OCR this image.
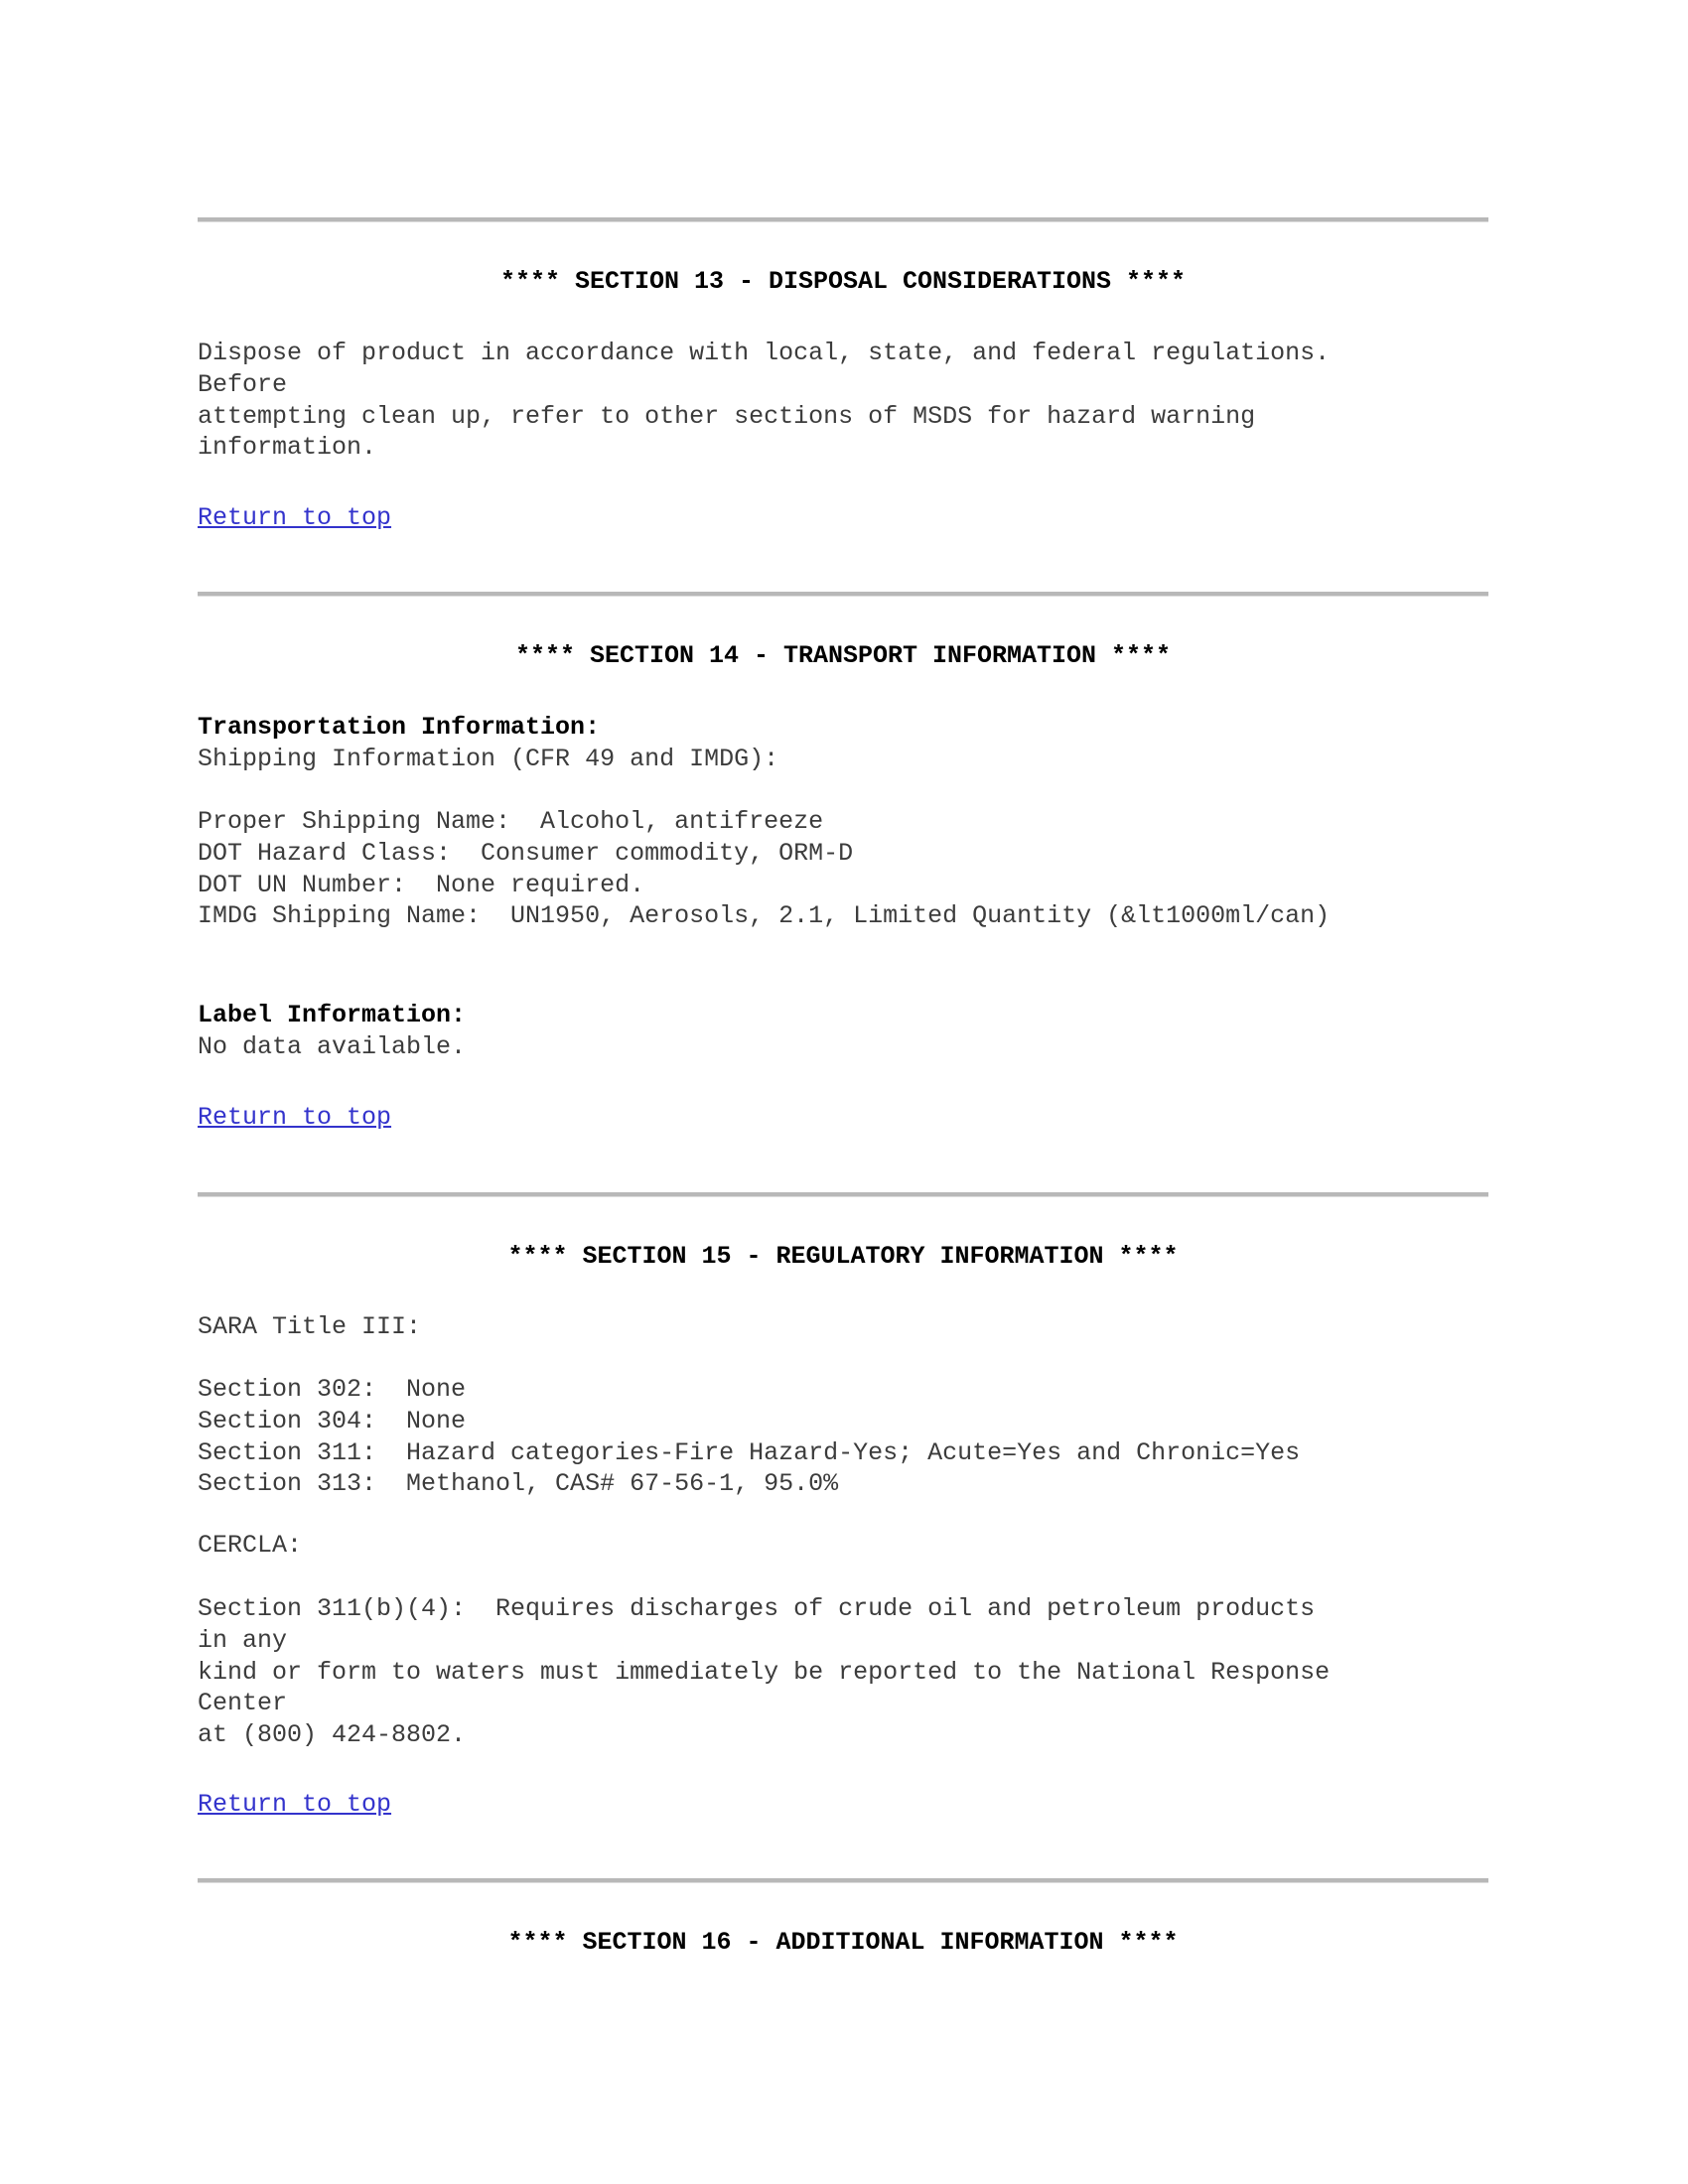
**** SECTION 13 - DISPOSAL CONSIDERATIONS ****
Dispose of product in accordance with local, state, and federal regulations.
Before
attempting clean up, refer to other sections of MSDS for hazard warning
information.
Return to top
**** SECTION 14 - TRANSPORT INFORMATION ****
Transportation Information:
Shipping Information (CFR 49 and IMDG):
Proper Shipping Name:  Alcohol, antifreeze
DOT Hazard Class:  Consumer commodity, ORM-D
DOT UN Number:  None required.
IMDG Shipping Name:  UN1950, Aerosols, 2.1, Limited Quantity (&lt1000ml/can)
Label Information:
No data available.
Return to top
**** SECTION 15 - REGULATORY INFORMATION ****
SARA Title III:
Section 302:  None
Section 304:  None
Section 311:  Hazard categories-Fire Hazard-Yes; Acute=Yes and Chronic=Yes
Section 313:  Methanol, CAS# 67-56-1, 95.0%
CERCLA:
Section 311(b)(4):  Requires discharges of crude oil and petroleum products
in any
kind or form to waters must immediately be reported to the National Response
Center
at (800) 424-8802.
Return to top
**** SECTION 16 - ADDITIONAL INFORMATION ****
